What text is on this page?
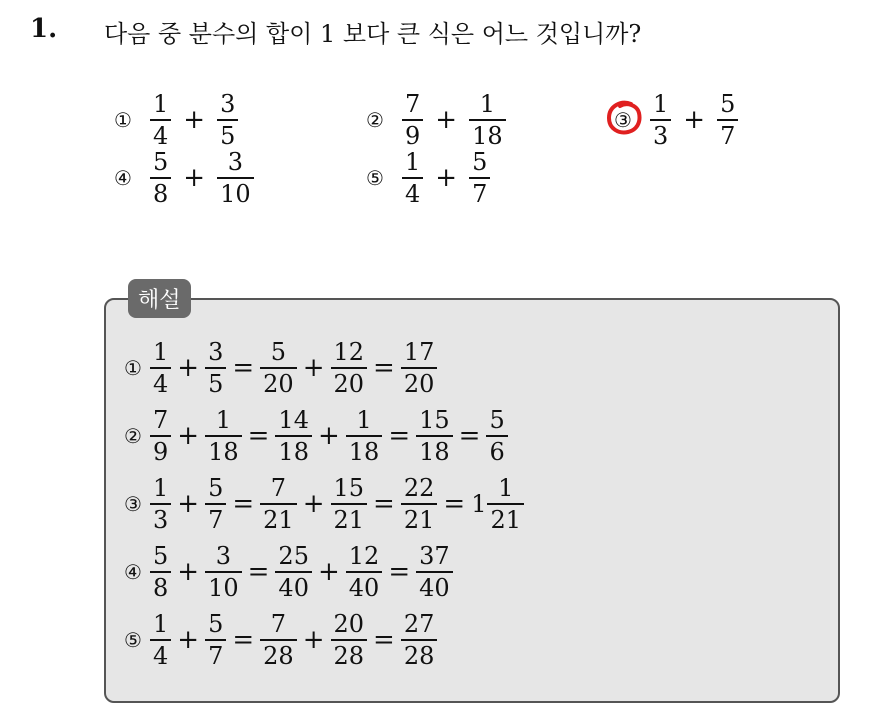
1. 다음 중 분수의 합이 1 보다 큰 식은 어느 것입니까?
① $\frac{1}{4} + \frac{3}{5}$	② $\frac{7}{9} + \frac{1}{18}$	③ $\frac{1}{3} + \frac{5}{7}$
④ $\frac{5}{8} + \frac{3}{10}$	⑤ $\frac{1}{4} + \frac{5}{7}$
해설
① $\frac{1}{4} + \frac{3}{5} = \frac{5}{20} + \frac{12}{20} = \frac{17}{20}$
② $\frac{7}{9} + \frac{1}{18} = \frac{14}{18} + \frac{1}{18} = \frac{15}{18} = \frac{5}{6}$
③ $\frac{1}{3} + \frac{5}{7} = \frac{7}{21} + \frac{15}{21} = \frac{22}{21} = 1 \frac{1}{21}$
④ $\frac{5}{8} + \frac{3}{10} = \frac{25}{40} + \frac{12}{40} = \frac{37}{40}$
⑤ $\frac{1}{4} + \frac{5}{7} = \frac{7}{28} + \frac{20}{28} = \frac{27}{28}$
